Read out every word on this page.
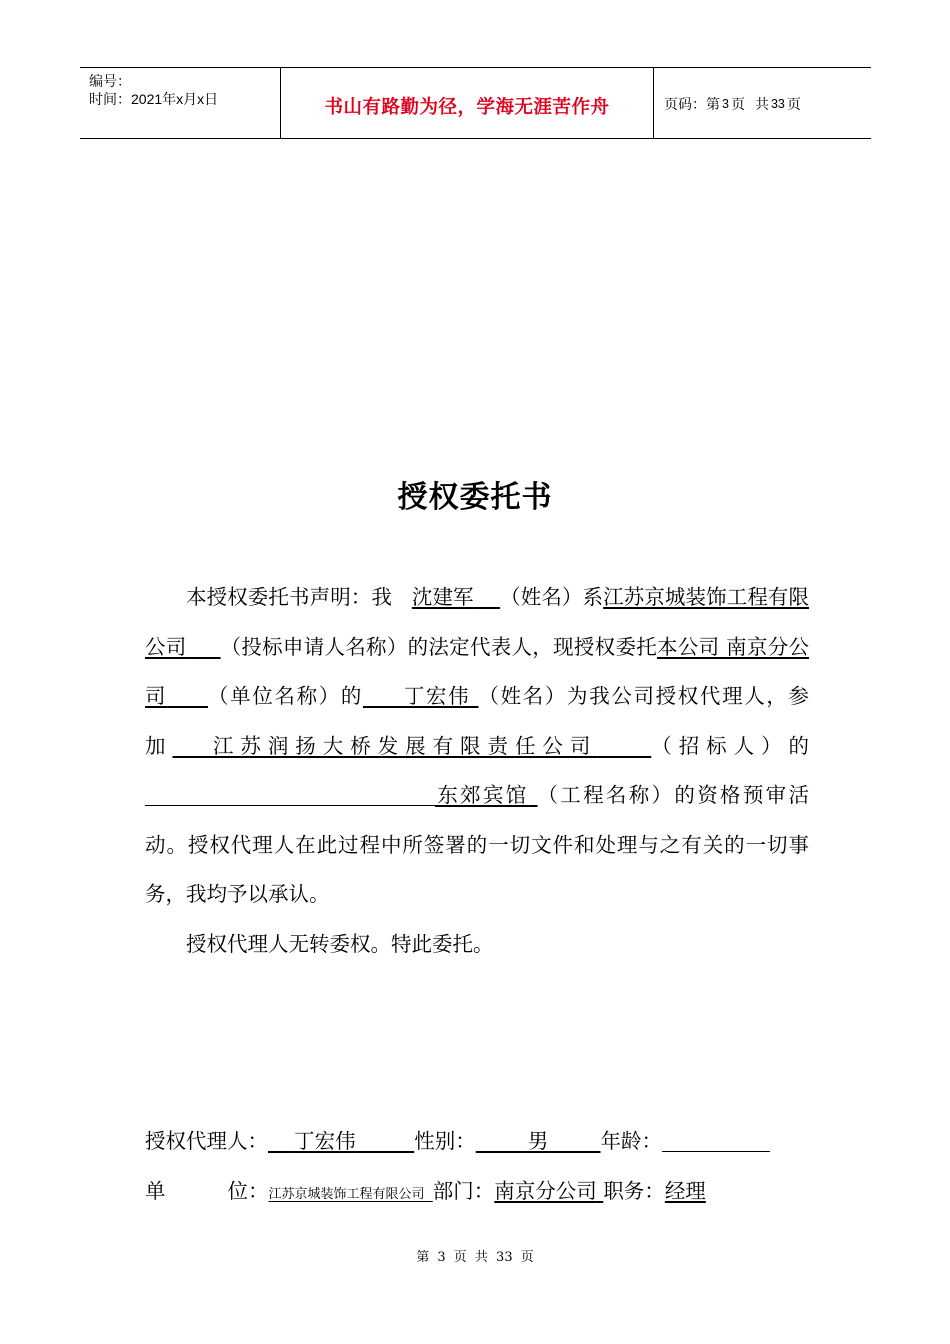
编号：
时间：2021年x月x日	书山有路勤为径，学海无涯苦作舟	页码：第 3 页 共 33 页
授权委托书

本授权委托书声明：我 沈建军 （姓名）系江苏京城装饰工程有限公司 （投标申请人名称）的法定代表人，现授权委托本公司 南京分公司 （单位名称）的 丁宏伟 （姓名）为我公司授权代理人，参加 江苏润扬大桥发展有限责任公司	（招标人）的东郊宾馆 （工程名称）的资格预审活动。授权代理人在此过程中所签署的一切文件和处理与之有关的一切事务，我均予以承认。

授权代理人无转委权。特此委托。

授权代理人： 丁宏伟	性别：	男	年龄：
单	位：江苏京城装饰工程有限公司 部门：南京分公司 职务：经理
第 3 页 共 33 页
